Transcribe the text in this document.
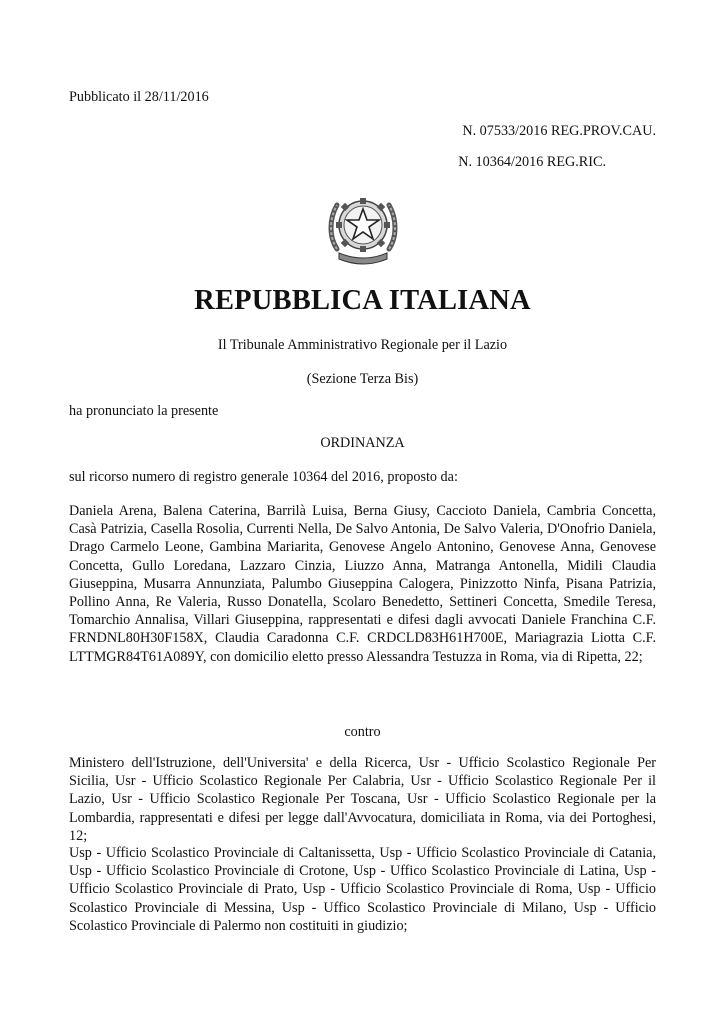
Pubblicato il 28/11/2016
N. 07533/2016 REG.PROV.CAU.
N. 10364/2016 REG.RIC.
REPUBBLICA ITALIANA
Il Tribunale Amministrativo Regionale per il Lazio
(Sezione Terza Bis)
ha pronunciato la presente
ORDINANZA
sul ricorso numero di registro generale 10364 del 2016, proposto da:

Daniela Arena, Balena Caterina, Barrilà Luisa, Berna Giusy, Caccioto Daniela, Cambria Concetta, Casà Patrizia, Casella Rosolia, Currenti Nella, De Salvo Antonia, De Salvo Valeria, D'Onofrio Daniela, Drago Carmelo Leone, Gambina Mariarita, Genovese Angelo Antonino, Genovese Anna, Genovese Concetta, Gullo Loredana, Lazzaro Cinzia, Liuzzo Anna, Matranga Antonella, Midili Claudia Giuseppina, Musarra Annunziata, Palumbo Giuseppina Calogera, Pinizzotto Ninfa, Pisana Patrizia, Pollino Anna, Re Valeria, Russo Donatella, Scolaro Benedetto, Settineri Concetta, Smedile Teresa, Tomarchio Annalisa, Villari Giuseppina, rappresentati e difesi dagli avvocati Daniele Franchina C.F. FRNDNL80H30F158X, Claudia Caradonna C.F. CRDCLD83H61H700E, Mariagrazia Liotta C.F. LTTMGR84T61A089Y, con domicilio eletto presso Alessandra Testuzza in Roma, via di Ripetta, 22;

contro

Ministero dell'Istruzione, dell'Universita' e della Ricerca, Usr - Ufficio Scolastico Regionale Per Sicilia, Usr - Ufficio Scolastico Regionale Per Calabria, Usr - Ufficio Scolastico Regionale Per il Lazio, Usr - Ufficio Scolastico Regionale Per Toscana, Usr - Ufficio Scolastico Regionale per la Lombardia, rappresentati e difesi per legge dall'Avvocatura, domiciliata in Roma, via dei Portoghesi, 12;

Usp - Ufficio Scolastico Provinciale di Caltanissetta, Usp - Ufficio Scolastico Provinciale di Catania, Usp - Ufficio Scolastico Provinciale di Crotone, Usp - Uffico Scolastico Provinciale di Latina, Usp - Ufficio Scolastico Provinciale di Prato, Usp - Ufficio Scolastico Provinciale di Roma, Usp - Ufficio Scolastico Provinciale di Messina, Usp - Uffico Scolastico Provinciale di Milano, Usp - Ufficio Scolastico Provinciale di Palermo non costituiti in giudizio;
